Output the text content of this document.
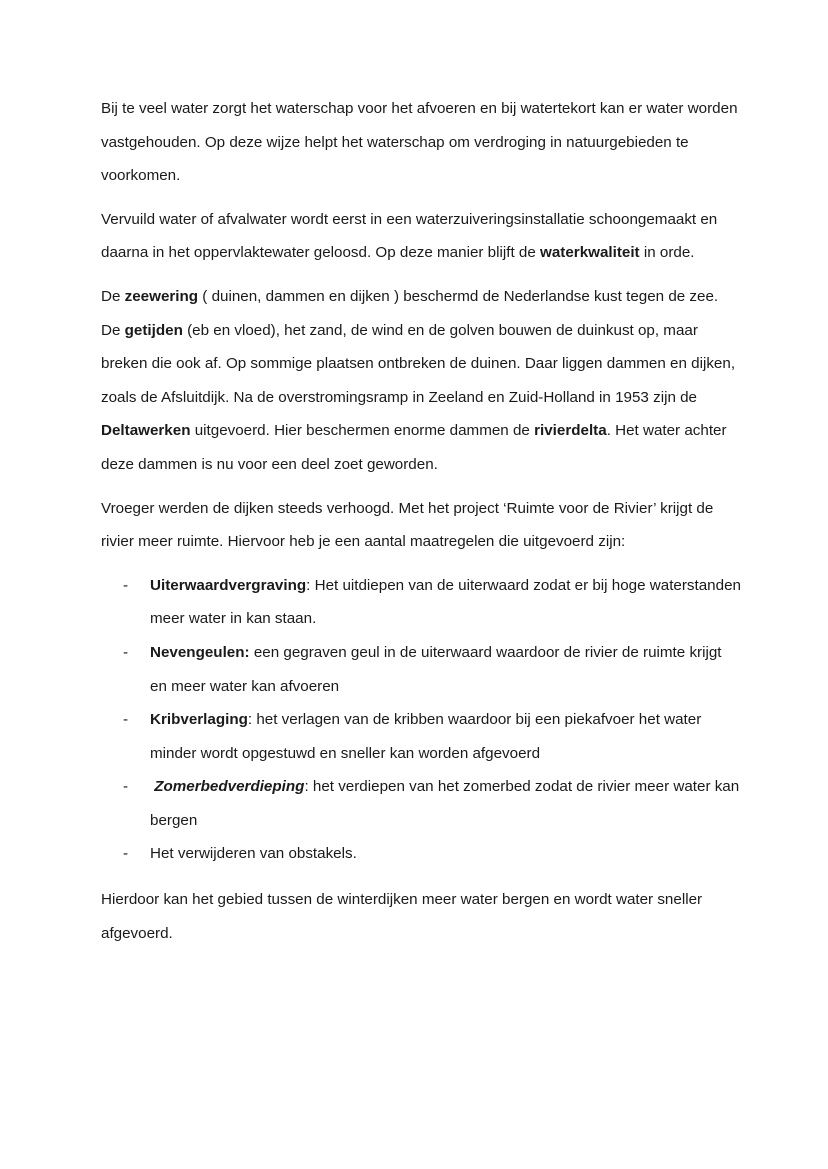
Bij te veel water zorgt het waterschap voor het afvoeren en bij watertekort kan er water worden vastgehouden. Op deze wijze helpt het waterschap om verdroging in natuurgebieden te voorkomen.

Vervuild water of afvalwater wordt eerst in een waterzuiveringsinstallatie schoongemaakt en daarna in het oppervlaktewater geloosd. Op deze manier blijft de waterkwaliteit in orde.

De zeewering ( duinen, dammen en dijken ) beschermd de Nederlandse kust tegen de zee. De getijden (eb en vloed), het zand, de wind en de golven bouwen de duinkust op, maar breken die ook af. Op sommige plaatsen ontbreken de duinen. Daar liggen dammen en dijken, zoals de Afsluitdijk. Na de overstromingsramp in Zeeland en Zuid-Holland in 1953 zijn de Deltawerken uitgevoerd. Hier beschermen enorme dammen de rivierdelta. Het water achter deze dammen is nu voor een deel zoet geworden.

Vroeger werden de dijken steeds verhoogd. Met het project ‘Ruimte voor de Rivier’ krijgt de rivier meer ruimte. Hiervoor heb je een aantal maatregelen die uitgevoerd zijn:

- Uiterwaardvergraving: Het uitdiepen van de uiterwaard zodat er bij hoge waterstanden meer water in kan staan.
- Nevengeulen: een gegraven geul in de uiterwaard waardoor de rivier de ruimte krijgt en meer water kan afvoeren
- Kribverlaging: het verlagen van de kribben waardoor bij een piekafvoer het water minder wordt opgestuwd en sneller kan worden afgevoerd
- Zomerbedverdieping: het verdiepen van het zomerbed zodat de rivier meer water kan bergen
- Het verwijderen van obstakels.

Hierdoor kan het gebied tussen de winterdijken meer water bergen en wordt water sneller afgevoerd.
